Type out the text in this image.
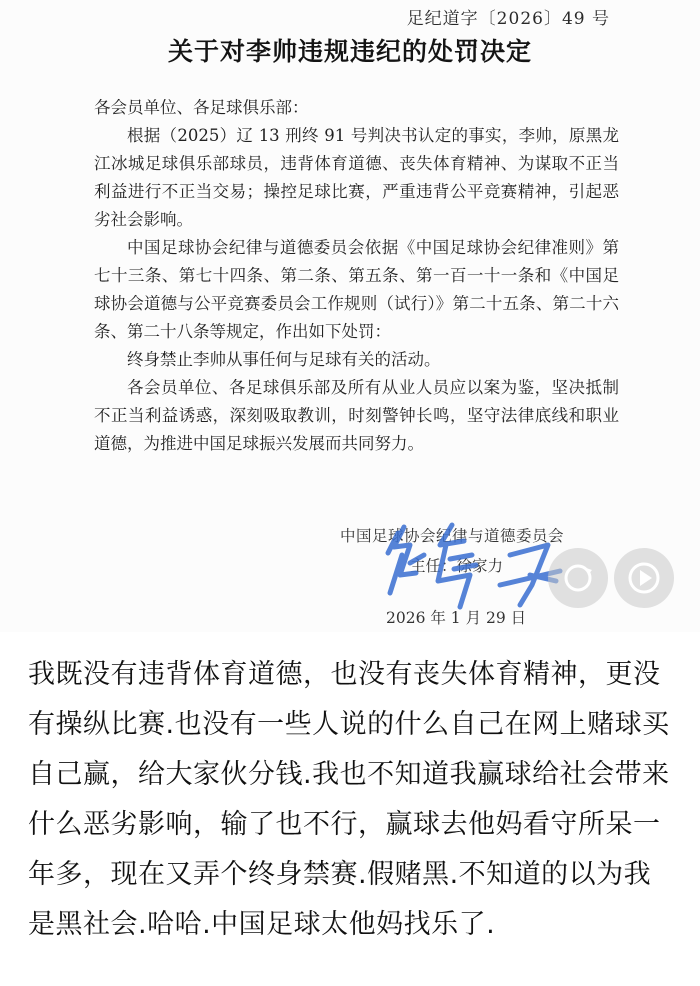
足纪道字〔2026〕49 号
关于对李帅违规违纪的处罚决定

各会员单位、各足球俱乐部：

根据（2025）辽 13 刑终 91 号判决书认定的事实，李帅，原黑龙江冰城足球俱乐部球员，违背体育道德、丧失体育精神、为谋取不正当利益进行不正当交易；操控足球比赛，严重违背公平竞赛精神，引起恶劣社会影响。

中国足球协会纪律与道德委员会依据《中国足球协会纪律准则》第七十三条、第七十四条、第二条、第五条、第一百一十一条和《中国足球协会道德与公平竞赛委员会工作规则（试行）》第二十五条、第二十六条、第二十八条等规定，作出如下处罚：

终身禁止李帅从事任何与足球有关的活动。

各会员单位、各足球俱乐部及所有从业人员应以案为鉴，坚决抵制不正当利益诱惑，深刻吸取教训，时刻警钟长鸣，坚守法律底线和职业道德，为推进中国足球振兴发展而共同努力。

中国足球协会纪律与道德委员会
主任：徐家力
2026 年 1 月 29 日
我既没有违背体育道德，也没有丧失体育精神，更没有操纵比赛.也没有一些人说的什么自己在网上赌球买自己赢，给大家伙分钱.我也不知道我赢球给社会带来什么恶劣影响，输了也不行，赢球去他妈看守所呆一年多，现在又弄个终身禁赛.假赌黑.不知道的以为我是黑社会.哈哈.中国足球太他妈找乐了.
